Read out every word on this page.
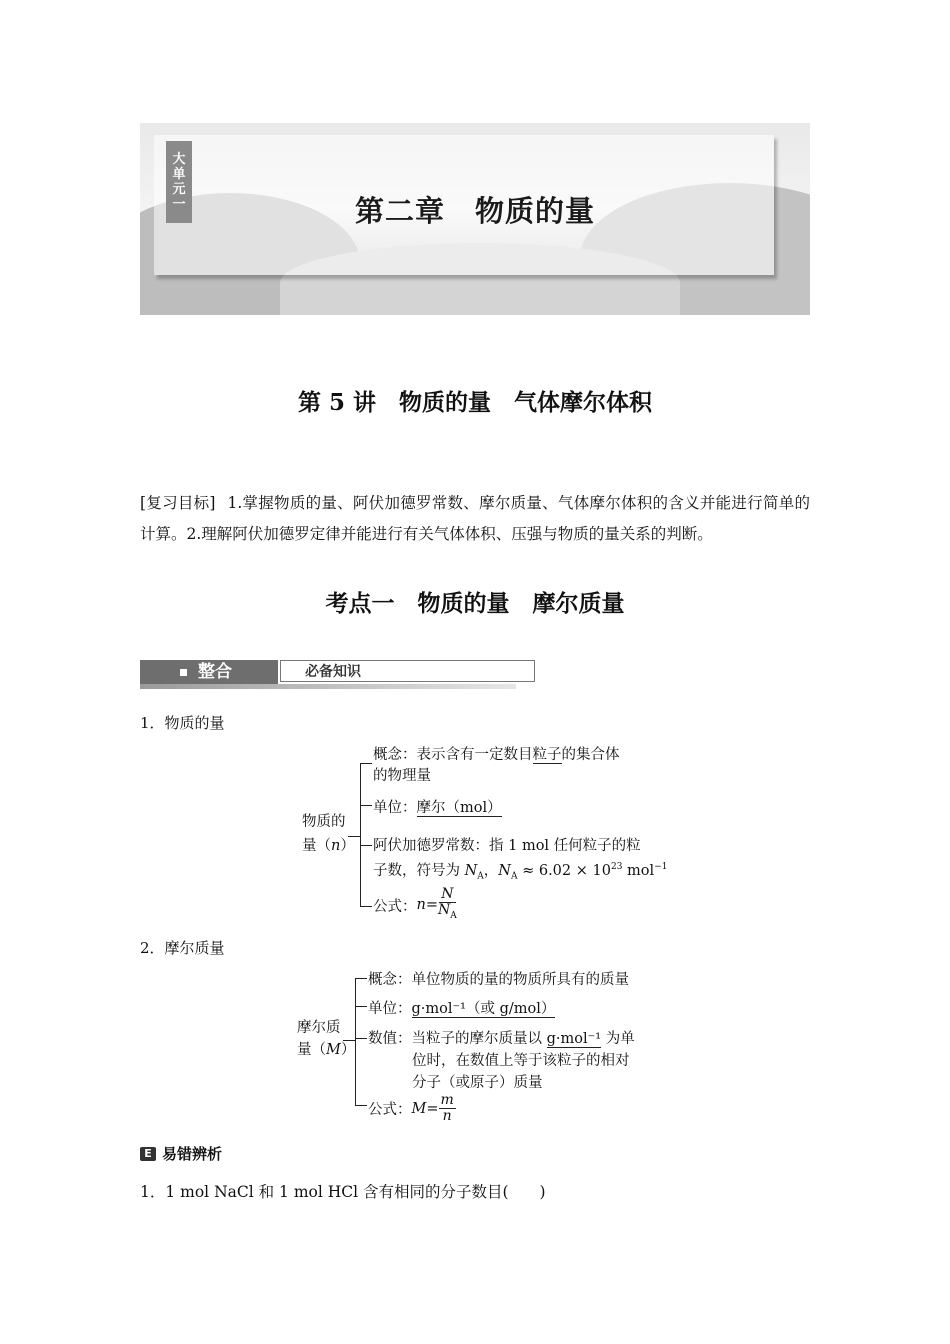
大
单
元
一	第二章　物质的量
第 5 讲　物质的量　气体摩尔体积
[复习目标] 1.掌握物质的量、阿伏加德罗常数、摩尔质量、气体摩尔体积的含义并能进行简单的计算。2.理解阿伏加德罗定律并能进行有关气体体积、压强与物质的量关系的判断。
考点一　物质的量　摩尔质量
整合	必备知识
1．物质的量
物质的
量（n）
概念：表示含有一定数目粒子的集合体
的物理量
单位：摩尔（mol）
阿伏加德罗常数：指 1 mol 任何粒子的粒
子数，符号为 $N_A$，$N_A \approx 6.02 \times 10^{23}$ mol$^{-1}$
公式： $n = \frac{N}{N_A}$
2．摩尔质量
摩尔质
量（M）
概念：单位物质的量的物质所具有的质量
单位：g·mol⁻¹（或 g/mol）
数值：当粒子的摩尔质量以 g·mol⁻¹ 为单
位时，在数值上等于该粒子的相对
分子（或原子）质量
公式： $M = \frac{m}{n}$
E 易错辨析
1．1 mol NaCl 和 1 mol HCl 含有相同的分子数目(　　)
